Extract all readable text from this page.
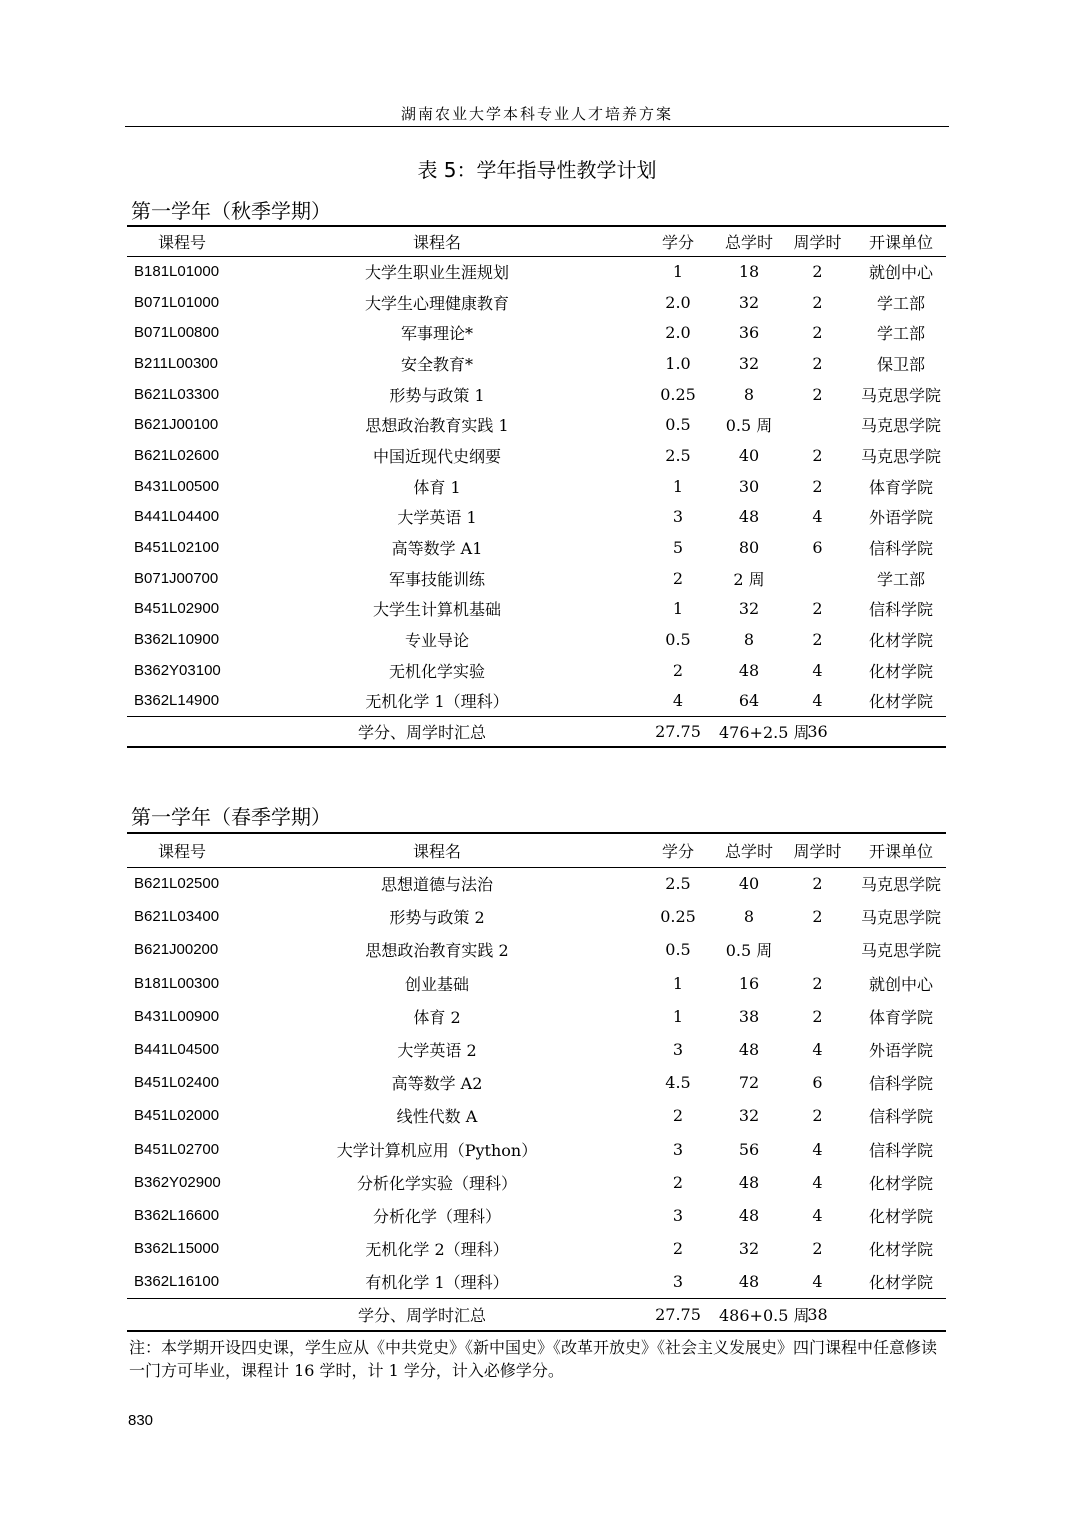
湖南农业大学本科专业人才培养方案
表 5：学年指导性教学计划
第一学年（秋季学期）
课程号	课程名	学分	总学时	周学时	开课单位
B181L01000	大学生职业生涯规划	1	18	2	就创中心
B071L01000	大学生心理健康教育	2.0	32	2	学工部
B071L00800	军事理论*	2.0	36	2	学工部
B211L00300	安全教育*	1.0	32	2	保卫部
B621L03300	形势与政策 1	0.25	8	2	马克思学院
B621J00100	思想政治教育实践 1	0.5	0.5 周		马克思学院
B621L02600	中国近现代史纲要	2.5	40	2	马克思学院
B431L00500	体育 1	1	30	2	体育学院
B441L04400	大学英语 1	3	48	4	外语学院
B451L02100	高等数学 A1	5	80	6	信科学院
B071J00700	军事技能训练	2	2 周		学工部
B451L02900	大学生计算机基础	1	32	2	信科学院
B362L10900	专业导论	0.5	8	2	化材学院
B362Y03100	无机化学实验	2	48	4	化材学院
B362L14900	无机化学 1（理科）	4	64	4	化材学院
学分、周学时汇总		27.75	476+2.5 周	36	
第一学年（春季学期）
课程号	课程名	学分	总学时	周学时	开课单位
B621L02500	思想道德与法治	2.5	40	2	马克思学院
B621L03400	形势与政策 2	0.25	8	2	马克思学院
B621J00200	思想政治教育实践 2	0.5	0.5 周		马克思学院
B181L00300	创业基础	1	16	2	就创中心
B431L00900	体育 2	1	38	2	体育学院
B441L04500	大学英语 2	3	48	4	外语学院
B451L02400	高等数学 A2	4.5	72	6	信科学院
B451L02000	线性代数 A	2	32	2	信科学院
B451L02700	大学计算机应用（Python）	3	56	4	信科学院
B362Y02900	分析化学实验（理科）	2	48	4	化材学院
B362L16600	分析化学（理科）	3	48	4	化材学院
B362L15000	无机化学 2（理科）	2	32	2	化材学院
B362L16100	有机化学 1（理科）	3	48	4	化材学院
学分、周学时汇总		27.75	486+0.5 周	38	
注：本学期开设四史课，学生应从《中共党史》《新中国史》《改革开放史》《社会主义发展史》四门课程中任意修读一门方可毕业，课程计 16 学时，计 1 学分，计入必修学分。
830
